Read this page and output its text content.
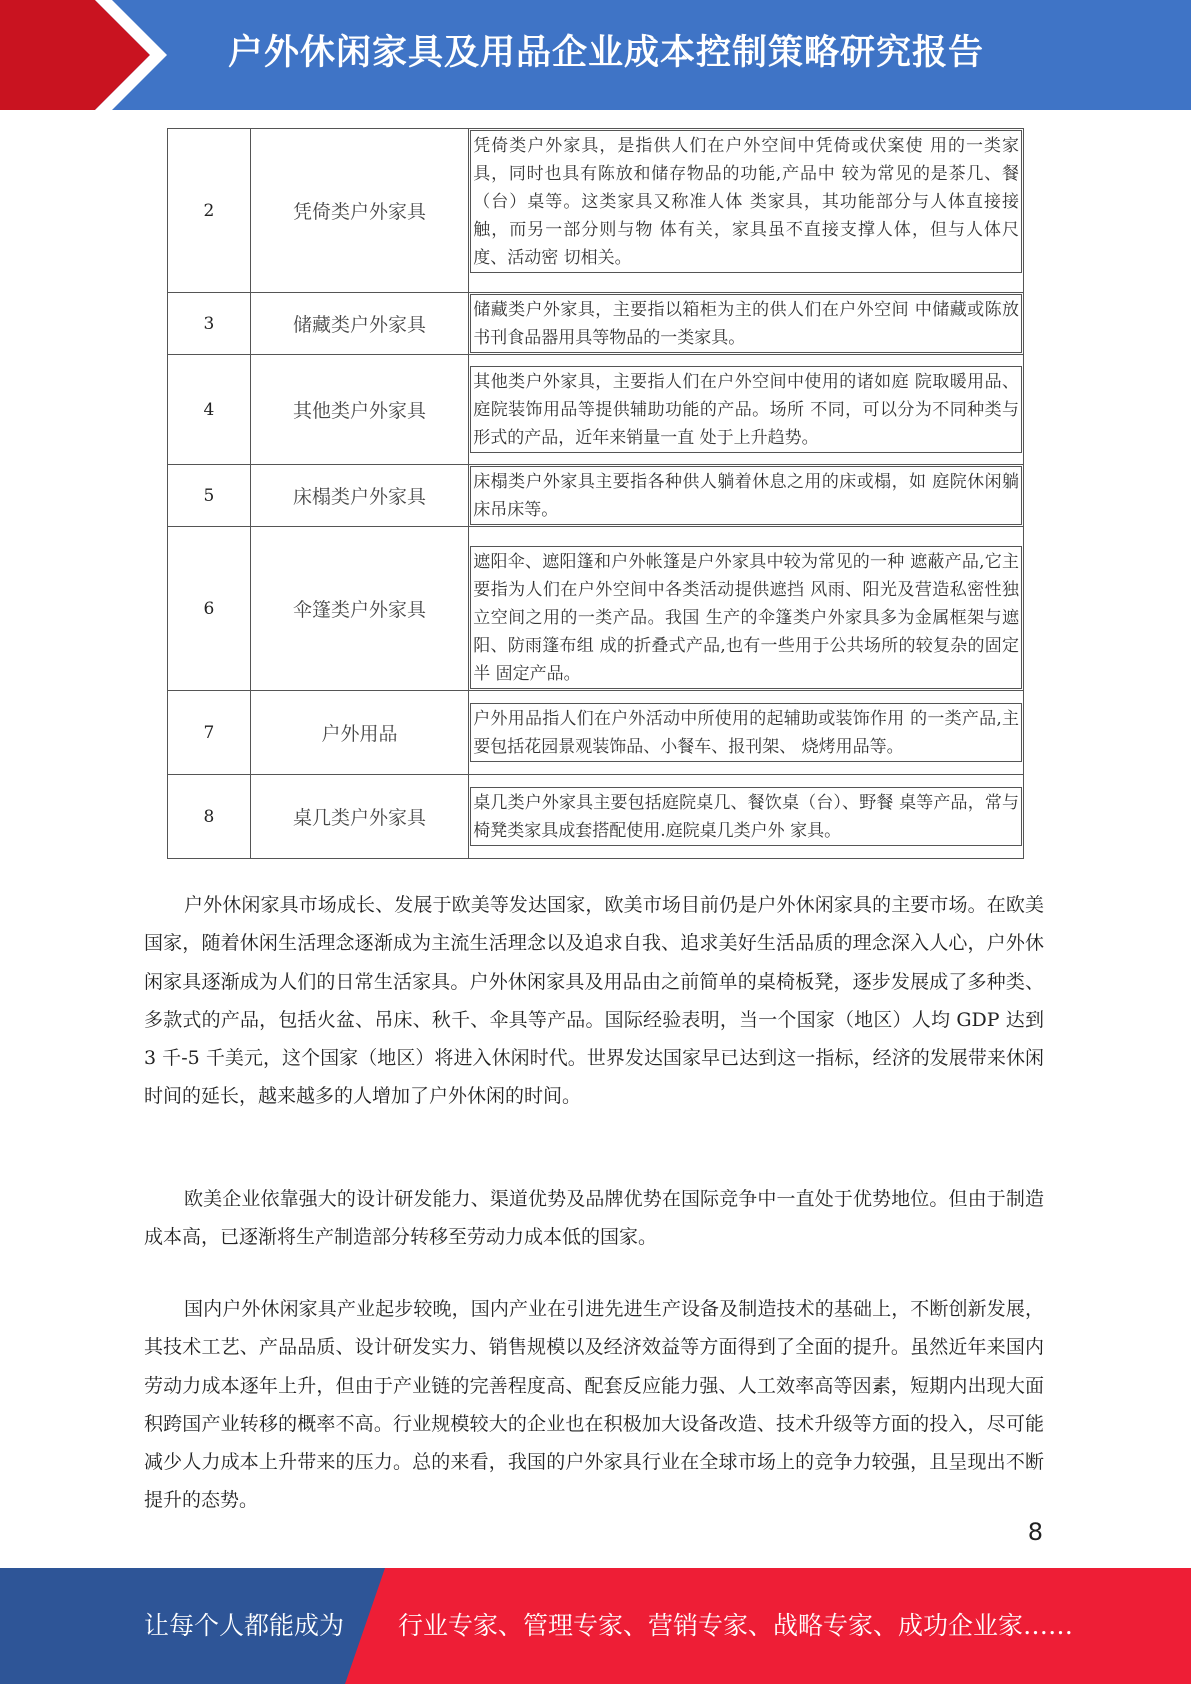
户外休闲家具及用品企业成本控制策略研究报告
2	凭倚类户外家具	凭倚类户外家具，是指供人们在户外空间中凭倚或伏案使 用的一类家具，同时也具有陈放和储存物品的功能,产品中 较为常见的是茶几、餐（台）桌等。这类家具又称准人体 类家具，其功能部分与人体直接接触，而另一部分则与物 体有关，家具虽不直接支撑人体，但与人体尺度、活动密 切相关。

3	储藏类户外家具	储藏类户外家具，主要指以箱柜为主的供人们在户外空间 中储藏或陈放书刊食品器用具等物品的一类家具。

4	其他类户外家具	其他类户外家具，主要指人们在户外空间中使用的诸如庭 院取暖用品、庭院装饰用品等提供辅助功能的产品。场所 不同，可以分为不同种类与形式的产品，近年来销量一直 处于上升趋势。

5	床榻类户外家具	床榻类户外家具主要指各种供人躺着休息之用的床或榻，如 庭院休闲躺床吊床等。

6	伞篷类户外家具	遮阳伞、遮阳篷和户外帐篷是户外家具中较为常见的一种 遮蔽产品,它主要指为人们在户外空间中各类活动提供遮挡 风雨、阳光及营造私密性独立空间之用的一类产品。我国 生产的伞篷类户外家具多为金属框架与遮阳、防雨篷布组 成的折叠式产品,也有一些用于公共场所的较复杂的固定半 固定产品。

7	户外用品	户外用品指人们在户外活动中所使用的起辅助或装饰作用 的一类产品,主要包括花园景观装饰品、小餐车、报刊架、 烧烤用品等。

8	桌几类户外家具	桌几类户外家具主要包括庭院桌几、餐饮桌（台）、野餐 桌等产品，常与椅凳类家具成套搭配使用.庭院桌几类户外 家具。

户外休闲家具市场成长、发展于欧美等发达国家，欧美市场目前仍是户外休闲家具的主要市场。在欧美国家，随着休闲生活理念逐渐成为主流生活理念以及追求自我、追求美好生活品质的理念深入人心，户外休闲家具逐渐成为人们的日常生活家具。户外休闲家具及用品由之前简单的桌椅板凳，逐步发展成了多种类、多款式的产品，包括火盆、吊床、秋千、伞具等产品。国际经验表明，当一个国家（地区）人均 GDP 达到 3 千-5 千美元，这个国家（地区）将进入休闲时代。世界发达国家早已达到这一指标，经济的发展带来休闲时间的延长，越来越多的人增加了户外休闲的时间。

欧美企业依靠强大的设计研发能力、渠道优势及品牌优势在国际竞争中一直处于优势地位。但由于制造成本高，已逐渐将生产制造部分转移至劳动力成本低的国家。

国内户外休闲家具产业起步较晚，国内产业在引进先进生产设备及制造技术的基础上，不断创新发展，其技术工艺、产品品质、设计研发实力、销售规模以及经济效益等方面得到了全面的提升。虽然近年来国内劳动力成本逐年上升，但由于产业链的完善程度高、配套反应能力强、人工效率高等因素，短期内出现大面积跨国产业转移的概率不高。行业规模较大的企业也在积极加大设备改造、技术升级等方面的投入，尽可能减少人力成本上升带来的压力。总的来看，我国的户外家具行业在全球市场上的竞争力较强，且呈现出不断提升的态势。

8
让每个人都能成为 行业专家、管理专家、营销专家、战略专家、成功企业家……
